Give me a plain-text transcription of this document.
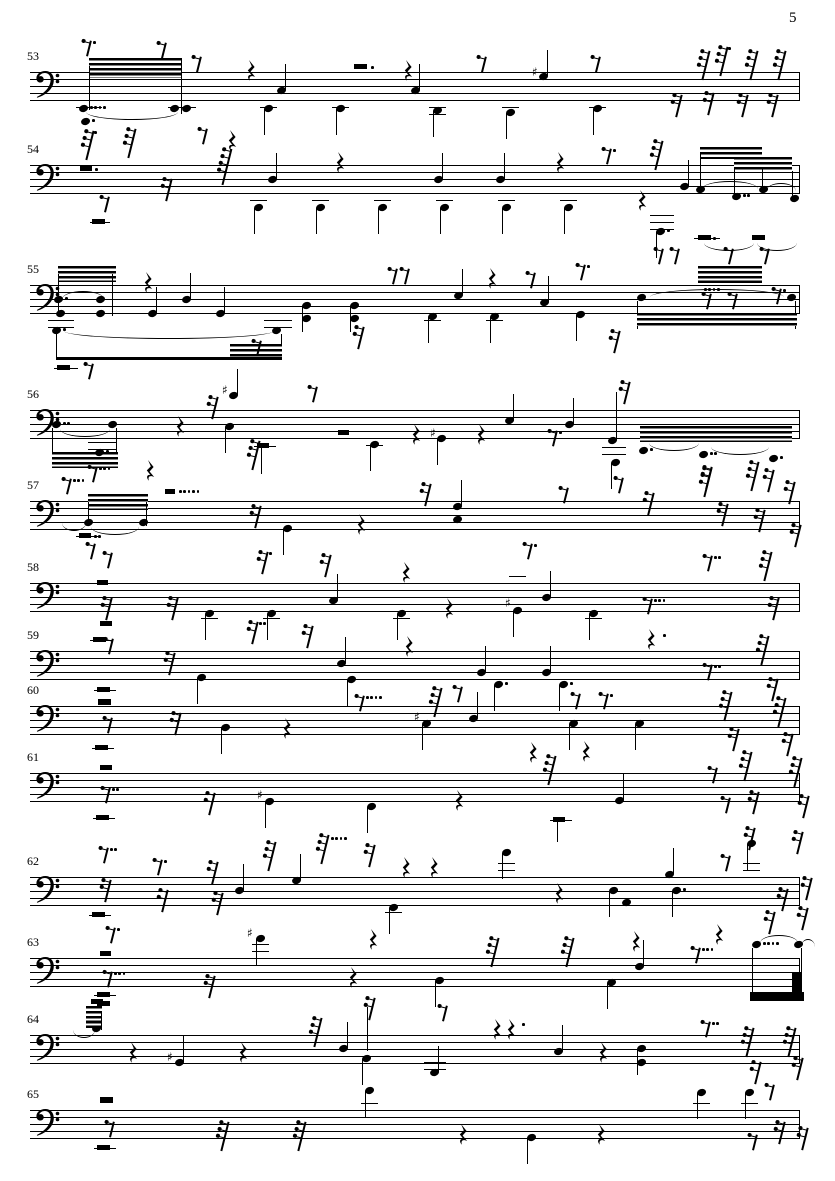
5
53
♯
54
55
56	♯
♯
57
58
♯
59
60
♯
61
♯
62
63
♯
64
♯
65
